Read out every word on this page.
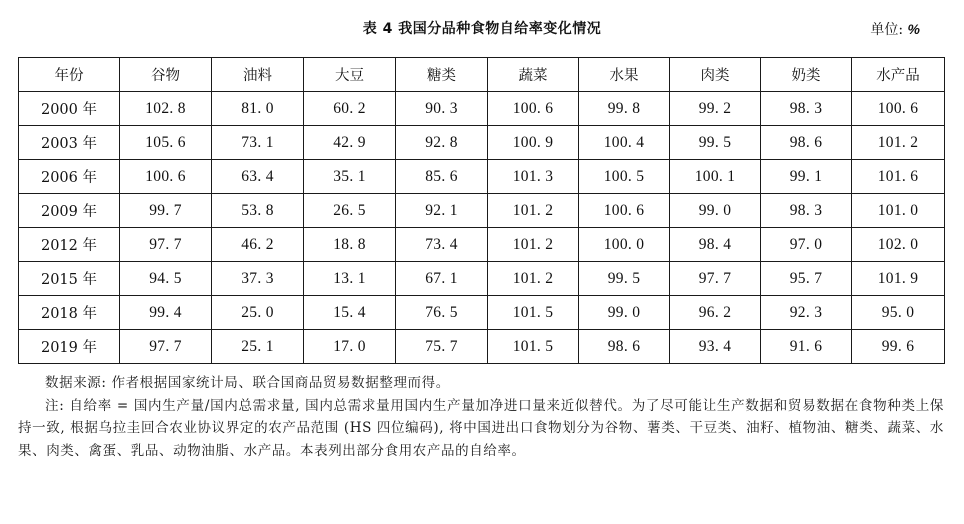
表 4 我国分品种食物自给率变化情况	单位: %
年份	谷物	油料	大豆	糖类	蔬菜	水果	肉类	奶类	水产品
2000 年	102. 8	81. 0	60. 2	90. 3	100. 6	99. 8	99. 2	98. 3	100. 6
2003 年	105. 6	73. 1	42. 9	92. 8	100. 9	100. 4	99. 5	98. 6	101. 2
2006 年	100. 6	63. 4	35. 1	85. 6	101. 3	100. 5	100. 1	99. 1	101. 6
2009 年	99. 7	53. 8	26. 5	92. 1	101. 2	100. 6	99. 0	98. 3	101. 0
2012 年	97. 7	46. 2	18. 8	73. 4	101. 2	100. 0	98. 4	97. 0	102. 0
2015 年	94. 5	37. 3	13. 1	67. 1	101. 2	99. 5	97. 7	95. 7	101. 9
2018 年	99. 4	25. 0	15. 4	76. 5	101. 5	99. 0	96. 2	92. 3	95. 0
2019 年	97. 7	25. 1	17. 0	75. 7	101. 5	98. 6	93. 4	91. 6	99. 6

数据来源: 作者根据国家统计局、联合国商品贸易数据整理而得。

注: 自给率 = 国内生产量/国内总需求量, 国内总需求量用国内生产量加净进口量来近似替代。为了尽可能让生产数据和贸易数据在食物种类上保持一致, 根据乌拉圭回合农业协议界定的农产品范围 (HS 四位编码), 将中国进出口食物划分为谷物、薯类、干豆类、油籽、植物油、糖类、蔬菜、水果、肉类、禽蛋、乳品、动物油脂、水产品。本表列出部分食用农产品的自给率。
